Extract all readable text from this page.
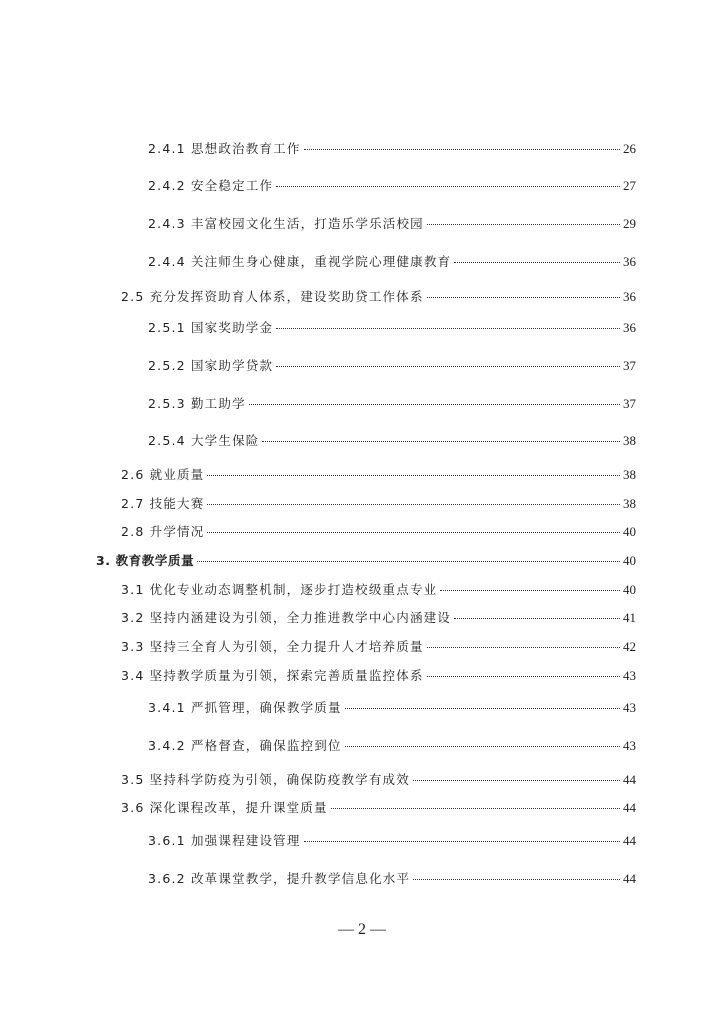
2.4.1 思想政治教育工作	26
2.4.2 安全稳定工作	27
2.4.3 丰富校园文化生活，打造乐学乐活校园	29
2.4.4 关注师生身心健康，重视学院心理健康教育	36
2.5 充分发挥资助育人体系，建设奖助贷工作体系	36
2.5.1 国家奖助学金	36
2.5.2 国家助学贷款	37
2.5.3 勤工助学	37
2.5.4 大学生保险	38
2.6 就业质量	38
2.7 技能大赛	38
2.8 升学情况	40
3. 教育教学质量	40
3.1 优化专业动态调整机制，逐步打造校级重点专业	40
3.2 坚持内涵建设为引领，全力推进教学中心内涵建设	41
3.3 坚持三全育人为引领，全力提升人才培养质量	42
3.4 坚持教学质量为引领，探索完善质量监控体系	43
3.4.1 严抓管理，确保教学质量	43
3.4.2 严格督查，确保监控到位	43
3.5 坚持科学防疫为引领，确保防疫教学有成效	44
3.6 深化课程改革，提升课堂质量	44
3.6.1 加强课程建设管理	44
3.6.2 改革课堂教学，提升教学信息化水平	44
— 2 —
